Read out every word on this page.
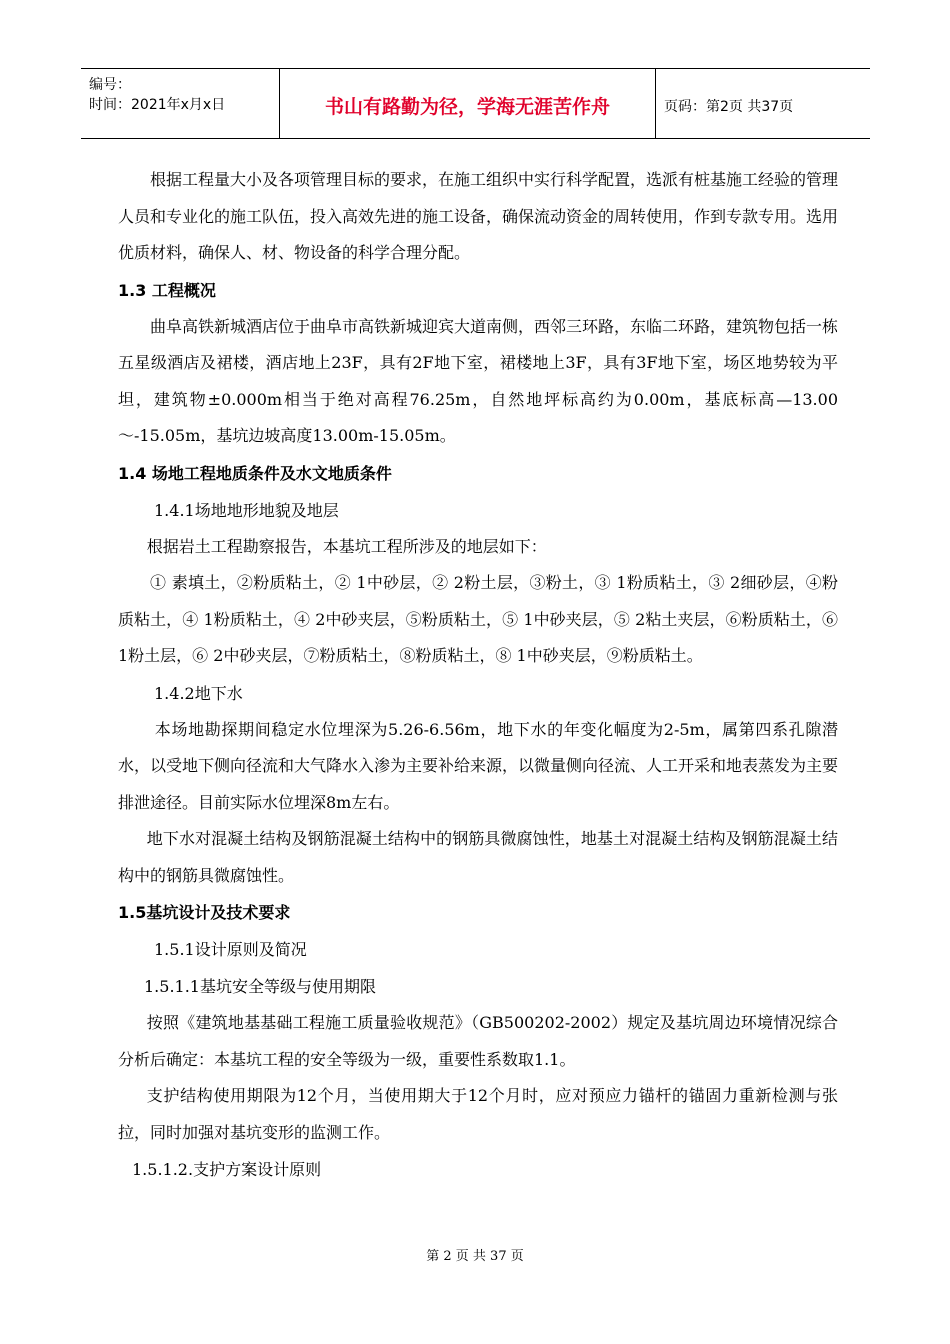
编号：
时间：2021年x月x日	书山有路勤为径，学海无涯苦作舟	页码：第2页 共37页

根据工程量大小及各项管理目标的要求，在施工组织中实行科学配置，选派有桩基施工经验的管理人员和专业化的施工队伍，投入高效先进的施工设备，确保流动资金的周转使用，作到专款专用。选用优质材料，确保人、材、物设备的科学合理分配。

1.3 工程概况

曲阜高铁新城酒店位于曲阜市高铁新城迎宾大道南侧，西邻三环路，东临二环路，建筑物包括一栋五星级酒店及裙楼，酒店地上23F，具有2F地下室，裙楼地上3F，具有3F地下室，场区地势较为平坦，建筑物±0.000m相当于绝对高程76.25m，自然地坪标高约为0.00m，基底标高—13.00～-15.05m，基坑边坡高度13.00m-15.05m。

1.4 场地工程地质条件及水文地质条件

1.4.1场地地形地貌及地层

根据岩土工程勘察报告，本基坑工程所涉及的地层如下：

① 素填土，②粉质粘土，② 1中砂层，② 2粉土层，③粉土，③ 1粉质粘土，③ 2细砂层，④粉质粘土，④ 1粉质粘土，④ 2中砂夹层，⑤粉质粘土，⑤ 1中砂夹层，⑤ 2粘土夹层，⑥粉质粘土，⑥ 1粉土层，⑥ 2中砂夹层，⑦粉质粘土，⑧粉质粘土，⑧ 1中砂夹层，⑨粉质粘土。

1.4.2地下水

本场地勘探期间稳定水位埋深为5.26-6.56m，地下水的年变化幅度为2-5m，属第四系孔隙潜水，以受地下侧向径流和大气降水入渗为主要补给来源，以微量侧向径流、人工开采和地表蒸发为主要排泄途径。目前实际水位埋深8m左右。

地下水对混凝土结构及钢筋混凝土结构中的钢筋具微腐蚀性，地基土对混凝土结构及钢筋混凝土结构中的钢筋具微腐蚀性。

1.5基坑设计及技术要求

1.5.1设计原则及简况

1.5.1.1基坑安全等级与使用期限

按照《建筑地基基础工程施工质量验收规范》（GB500202-2002）规定及基坑周边环境情况综合分析后确定：本基坑工程的安全等级为一级，重要性系数取1.1。

支护结构使用期限为12个月，当使用期大于12个月时，应对预应力锚杆的锚固力重新检测与张拉，同时加强对基坑变形的监测工作。

1.5.1.2.支护方案设计原则

第 2 页 共 37 页
